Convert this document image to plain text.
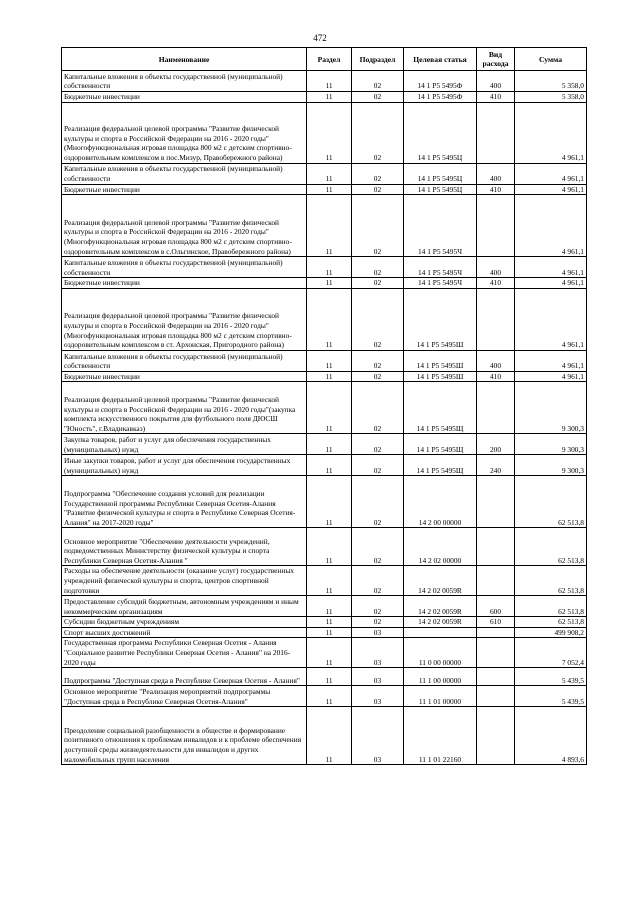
472
Наименование	Раздел	Подраздел	Целевая статья	Вид расхода	Сумма
Капитальные вложения в объекты государственной (муниципальной) собственности	11	02	14 1 P5 5495Ф	400	5 358,0
Бюджетные инвестиции	11	02	14 1 P5 5495Ф	410	5 358,0
Реализация федеральной целевой программы "Развитие физической культуры и спорта в Российской Федерации на 2016 - 2020 годы"(Многофункциональная игровая площадка 800 м2 с детским спортивно-оздоровительным комплексом в пос.Мизур, Правобережного района)	11	02	14 1 P5 5495Ц		4 961,1
Капитальные вложения в объекты государственной (муниципальной) собственности	11	02	14 1 P5 5495Ц	400	4 961,1
Бюджетные инвестиции	11	02	14 1 P5 5495Ц	410	4 961,1
Реализация федеральной целевой программы "Развитие физической культуры и спорта в Российской Федерации на 2016 - 2020 годы"(Многофункциональная игровая площадка 800 м2 с детским спортивно-оздоровительным комплексом в с.Ольгинское, Правобережного района)	11	02	14 1 P5 5495Ч		4 961,1
Капитальные вложения в объекты государственной (муниципальной) собственности	11	02	14 1 P5 5495Ч	400	4 961,1
Бюджетные инвестиции	11	02	14 1 P5 5495Ч	410	4 961,1
Реализация федеральной целевой программы "Развитие физической культуры и спорта в Российской Федерации на 2016 - 2020 годы"(Многофункциональная игровая площадка 800 м2 с детским спортивно-оздоровительным комплексом в ст. Архонская, Пригородного района)	11	02	14 1 P5 5495Ш		4 961,1
Капитальные вложения в объекты государственной (муниципальной) собственности	11	02	14 1 P5 5495Ш	400	4 961,1
Бюджетные инвестиции	11	02	14 1 P5 5495Ш	410	4 961,1
Реализация федеральной целевой программы "Развитие физической культуры и спорта в Российской Федерации на 2016 - 2020 годы"(закупка комплекта искусственного покрытия для футбольного поля ДЮСШ "Юность", г.Владикавказ)	11	02	14 1 P5 5495Щ		9 300,3
Закупка товаров, работ и услуг для обеспечения государственных (муниципальных) нужд	11	02	14 1 P5 5495Щ	200	9 300,3
Иные закупки товаров, работ и услуг для обеспечения государственных (муниципальных) нужд	11	02	14 1 P5 5495Щ	240	9 300,3
Подпрограмма "Обеспечение создания условий для реализации Государственной программы Республики Северная Осетия-Алания "Развитие физической культуры и спорта в Республике Северная Осетия-Алания" на 2017-2020 годы"	11	02	14 2 00 00000		62 513,8
Основное мероприятие "Обеспечение деятельности учреждений, подведомственных Министерству физической культуры и спорта Республики Северная Осетия-Алания "	11	02	14 2 02 00000		62 513,8
Расходы на обеспечение деятельности (оказание услуг) государственных учреждений физической культуры и спорта, центров спортивной подготовки	11	02	14 2 02 0059R		62 513,8
Предоставление субсидий бюджетным, автономным учреждениям и иным некоммерческим организациям	11	02	14 2 02 0059R	600	62 513,8
Субсидии бюджетным учреждениям	11	02	14 2 02 0059R	610	62 513,8
Спорт высших достижений	11	03			499 908,2
Государственная программа Республики Северная Осетия - Алания "Социальное развитие Республики Северная Осетия - Алания" на 2016-2020 годы	11	03	11 0 00 00000		7 052,4
Подпрограмма "Доступная среда в Республике Северная Осетия - Алания"	11	03	11 1 00 00000		5 439,5
Основное мероприятие "Реализация мероприятий подпрограммы "Доступная среда в Республике Северная Осетия-Алания"	11	03	11 1 01 00000		5 439,5
Преодоление социальной разобщенности в обществе и формирование позитивного отношения к проблемам инвалидов и к проблеме обеспечения доступной среды жизнедеятельности для инвалидов и других маломобильных групп населения	11	03	11 1 01 22160		4 893,6
